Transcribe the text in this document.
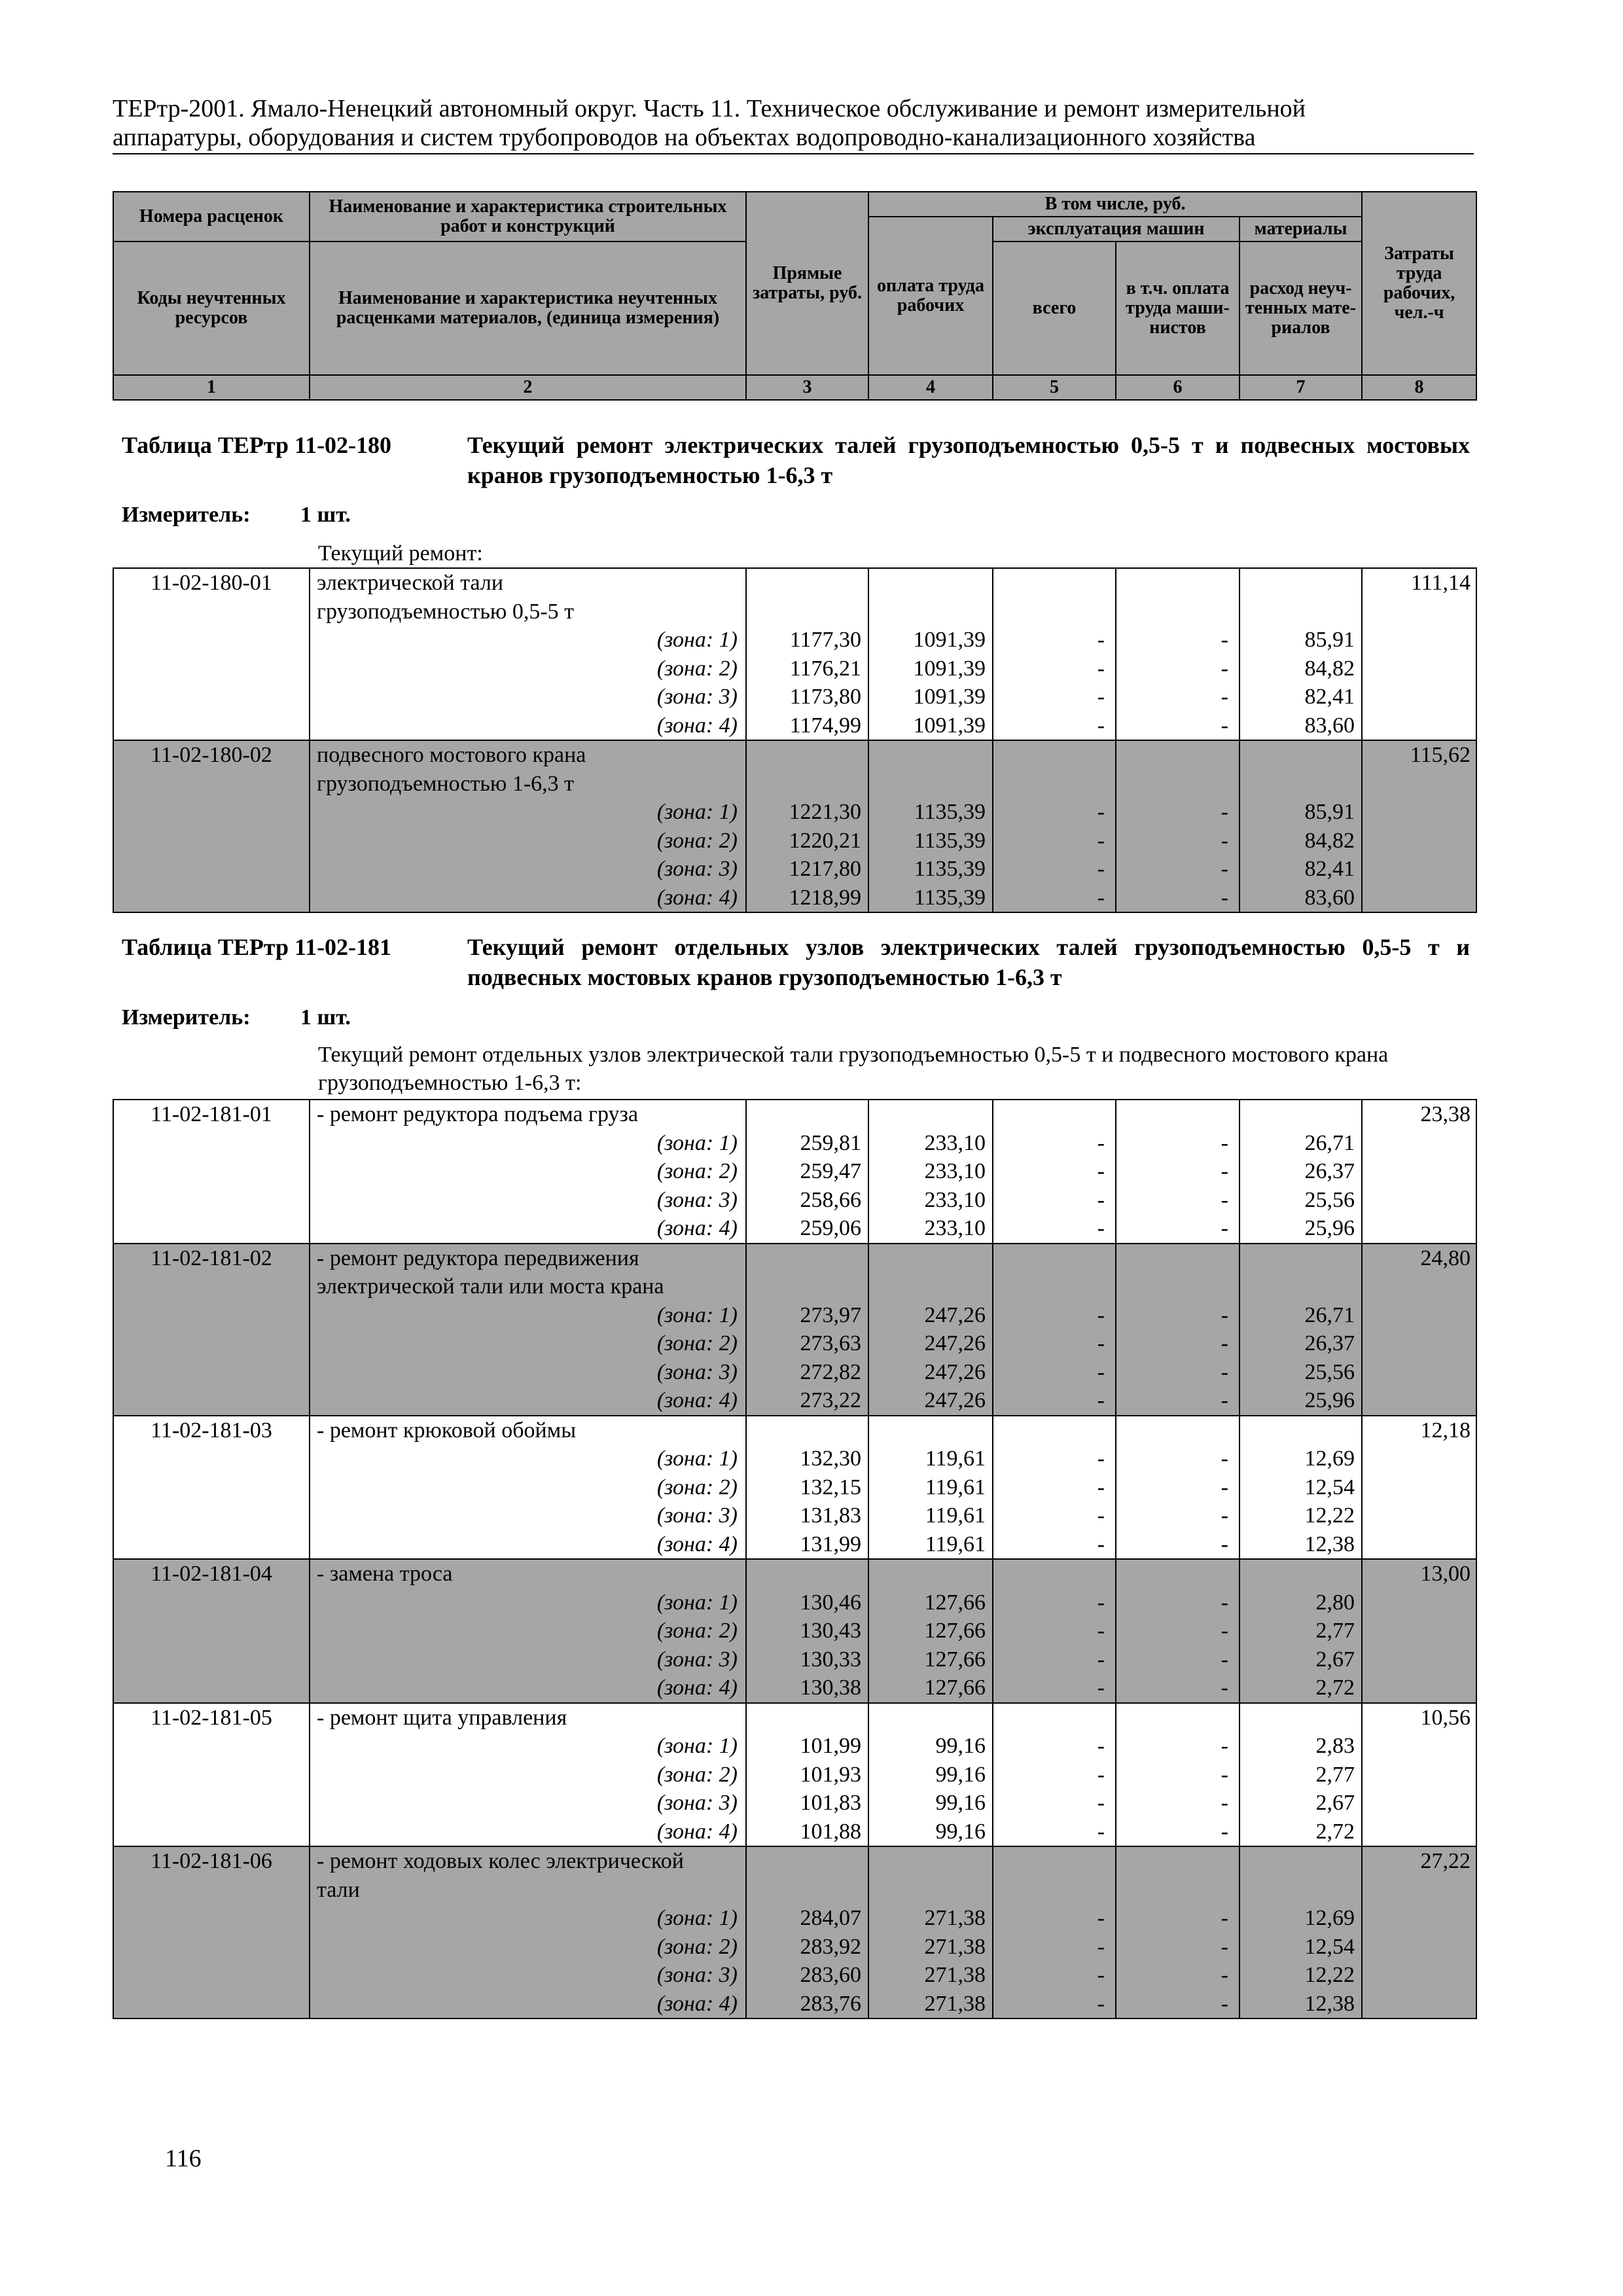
ТЕРтр-2001. Ямало-Ненецкий автономный округ. Часть 11. Техническое обслуживание и ремонт измерительной
аппаратуры, оборудования и систем трубопроводов на объектах водопроводно-канализационного хозяйства
Номера расценок	Наименование и характеристика строительных работ и конструкций	Прямые затраты, руб.	В том числе, руб.				Затраты труда рабочих, чел.-ч
			оплата труда рабочих	эксплуатация машин		материалы	
Коды неучтенных ресурсов	Наименование и характеристика неучтенных расценками материалов, (единица измерения)			всего	в т.ч. оплата труда маши-нистов	расход неуч-тенных мате-риалов	

1	2	3	4	5	6	7	8
Таблица ТЕРтр 11-02-180	Текущий ремонт электрических талей грузоподъемностью 0,5-5 т и подвесных мостовых кранов грузоподъемностью 1-6,3 т
Измеритель: 1 шт.
Текущий ремонт:
11-02-180-01	электрической тали						111,14
	грузоподъемностью 0,5-5 т						
	(зона: 1)	1177,30	1091,39	-	-	85,91	
	(зона: 2)	1176,21	1091,39	-	-	84,82	
	(зона: 3)	1173,80	1091,39	-	-	82,41	
	(зона: 4)	1174,99	1091,39	-	-	83,60	
11-02-180-02	подвесного мостового крана						115,62
	грузоподъемностью 1-6,3 т						
	(зона: 1)	1221,30	1135,39	-	-	85,91	
	(зона: 2)	1220,21	1135,39	-	-	84,82	
	(зона: 3)	1217,80	1135,39	-	-	82,41	
	(зона: 4)	1218,99	1135,39	-	-	83,60	
Таблица ТЕРтр 11-02-181	Текущий ремонт отдельных узлов электрических талей грузоподъемностью 0,5-5 т и подвесных мостовых кранов грузоподъемностью 1-6,3 т
Измеритель: 1 шт.
Текущий ремонт отдельных узлов электрической тали грузоподъемностью 0,5-5 т и подвесного мостового крана грузоподъемностью 1-6,3 т:
11-02-181-01	- ремонт редуктора подъема груза						23,38
	(зона: 1)	259,81	233,10	-	-	26,71	
	(зона: 2)	259,47	233,10	-	-	26,37	
	(зона: 3)	258,66	233,10	-	-	25,56	
	(зона: 4)	259,06	233,10	-	-	25,96	
11-02-181-02	- ремонт редуктора передвижения						24,80
	электрической тали или моста крана						
	(зона: 1)	273,97	247,26	-	-	26,71	
	(зона: 2)	273,63	247,26	-	-	26,37	
	(зона: 3)	272,82	247,26	-	-	25,56	
	(зона: 4)	273,22	247,26	-	-	25,96	
11-02-181-03	- ремонт крюковой обоймы						12,18
	(зона: 1)	132,30	119,61	-	-	12,69	
	(зона: 2)	132,15	119,61	-	-	12,54	
	(зона: 3)	131,83	119,61	-	-	12,22	
	(зона: 4)	131,99	119,61	-	-	12,38	
11-02-181-04	- замена троса						13,00
	(зона: 1)	130,46	127,66	-	-	2,80	
	(зона: 2)	130,43	127,66	-	-	2,77	
	(зона: 3)	130,33	127,66	-	-	2,67	
	(зона: 4)	130,38	127,66	-	-	2,72	
11-02-181-05	- ремонт щита управления						10,56
	(зона: 1)	101,99	99,16	-	-	2,83	
	(зона: 2)	101,93	99,16	-	-	2,77	
	(зона: 3)	101,83	99,16	-	-	2,67	
	(зона: 4)	101,88	99,16	-	-	2,72	
11-02-181-06	- ремонт ходовых колес электрической						27,22
	тали						
	(зона: 1)	284,07	271,38	-	-	12,69	
	(зона: 2)	283,92	271,38	-	-	12,54	
	(зона: 3)	283,60	271,38	-	-	12,22	
	(зона: 4)	283,76	271,38	-	-	12,38	
116
